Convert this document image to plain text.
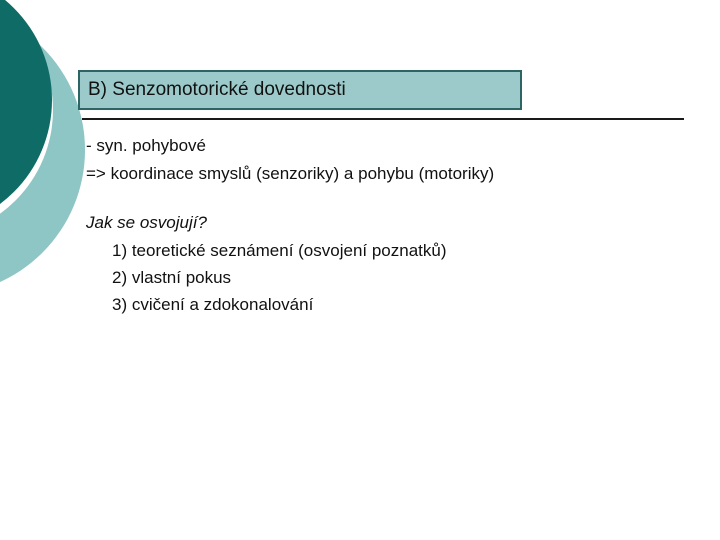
B) Senzomotorické dovednosti
- syn. pohybové
=> koordinace smyslů (senzoriky) a pohybu (motoriky)
Jak se osvojují?
1) teoretické seznámení (osvojení poznatků)
2) vlastní pokus
3) cvičení a zdokonalování
